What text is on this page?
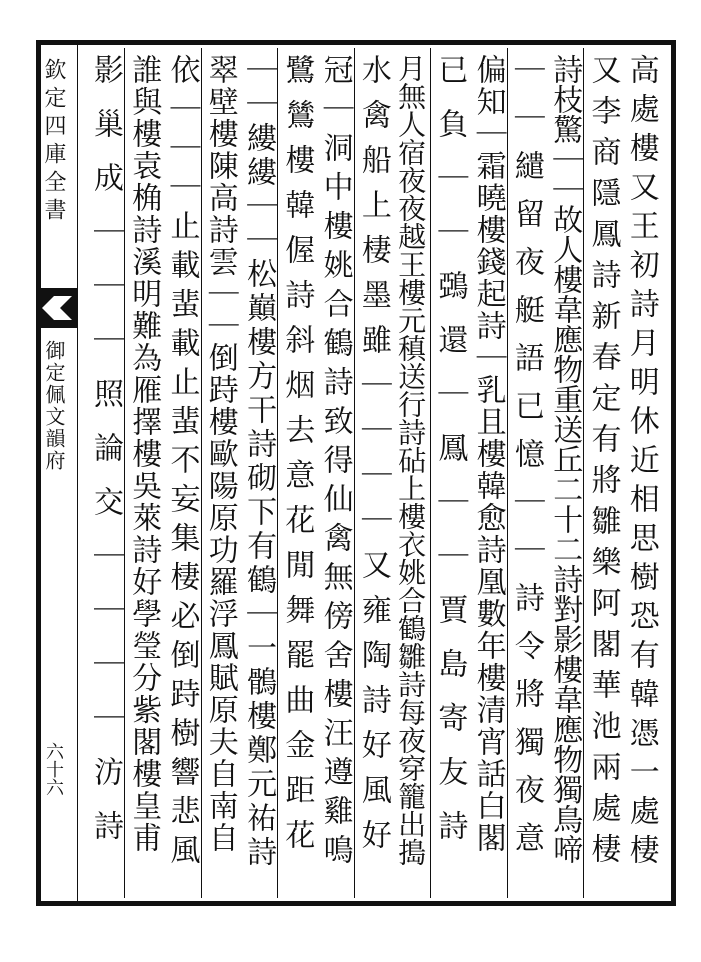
欽定四庫全書
御定佩文韻府
六十六	高處樓又王初詩月明休近相思樹恐有韓憑一處棲
又李商隱鳳詩新春定有將雛樂阿閣華池兩處棲
詩枝驚｜｜故人樓韋應物重送丘二十二詩對影樓韋應物獨鳥啼
｜｜繾留夜艇語已憶｜｜詩令將獨夜意
偏知｜霜曉樓錢起詩｜乳且樓韓愈詩凰數年樓清宵話白閣
已負｜｜鵶還｜鳳｜｜賈島寄友詩
月無人宿夜夜越王樓元稹送行詩砧上樓衣姚合鶴雛詩每夜穿籠出搗
水禽船上棲墨雖｜｜｜｜又雍陶詩好風好
冠｜洞中樓姚合鶴詩致得仙禽無傍舍樓汪遵雞鳴
鷺鷥樓韓偓詩斜烟去意花閒舞罷曲金距花
｜｜縷縷｜｜松巔樓方干詩砌下有鶴｜一鶻樓鄭元祐詩
翠壁樓陳高詩雲｜｜倒跱樓歐陽原功羅浮鳳賦原夫自南自
依｜｜｜止載蜚載止蜚不妄集棲必倒跱樹響悲風
誰與樓袁桷詩溪明難為雁擇樓吳萊詩好學瑩分紫閣樓皇甫
影巢成｜｜｜照論交｜｜｜｜汸詩
